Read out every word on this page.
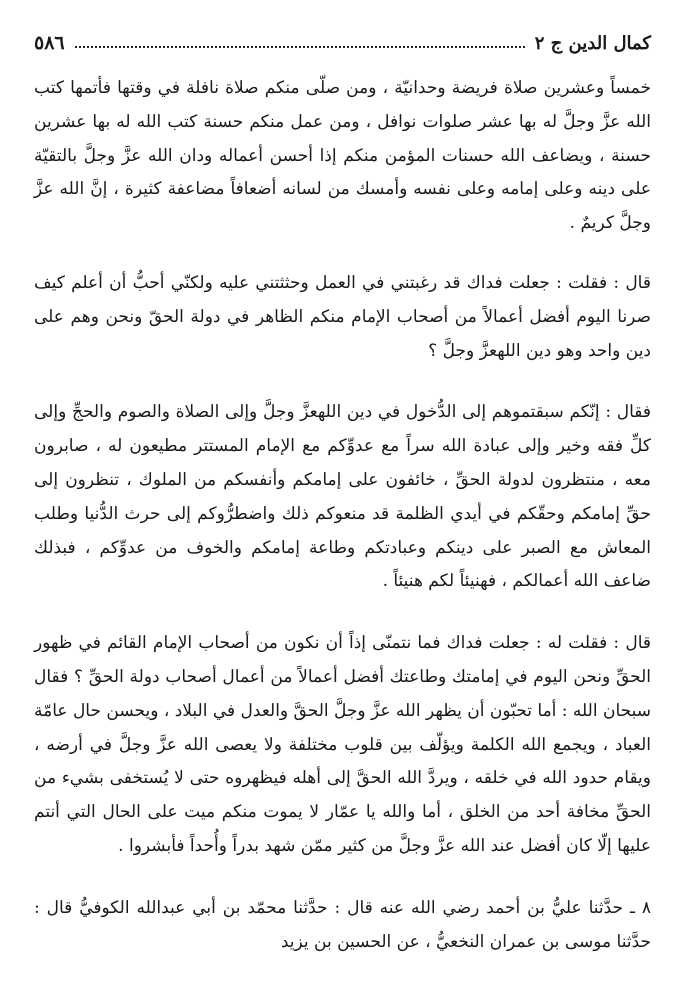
كمال الدين ج ٢
٥٨٦

خمساً وعشرين صلاة فريضة وحدانيّة ، ومن صلّى منكم صلاة نافلة في وقتها فأتمها كتب الله عزَّ وجلَّ له بها عشر صلوات نوافل ، ومن عمل منكم حسنة كتب الله له بها عشرين حسنة ، ويضاعف الله حسنات المؤمن منكم إذا أحسن أعماله ودان الله عزَّ وجلَّ بالتقيّة على دينه وعلى إمامه وعلى نفسه وأمسك من لسانه أضعافاً مضاعفة كثيرة ، إنَّ الله عزَّ وجلَّ كريمٌ .

قال : فقلت : جعلت فداك قد رغبتني في العمل وحثثتني عليه ولكنّي أحبُّ أن أعلم كيف صرنا اليوم أفضل أعمالاً من أصحاب الإمام منكم الظاهر في دولة الحقّ ونحن وهم على دين واحد وهو دين اللهعزَّ وجلَّ ؟

فقال : إنّكم سبقتموهم إلى الدُّخول في دين اللهعزَّ وجلَّ وإلى الصلاة والصوم والحجِّ وإلى كلِّ فقه وخير وإلى عبادة الله سراً مع عدوِّكم مع الإمام المستتر مطيعون له ، صابرون معه ، منتظرون لدولة الحقِّ ، خائفون على إمامكم وأنفسكم من الملوك ، تنظرون إلى حقِّ إمامكم وحقّكم في أيدي الظلمة قد منعوكم ذلك واضطرُّوكم إلى حرث الدُّنيا وطلب المعاش مع الصبر على دينكم وعبادتكم وطاعة إمامكم والخوف من عدوِّكم ، فبذلك ضاعف الله أعمالكم ، فهنيئاً لكم هنيئاً .

قال : فقلت له : جعلت فداك فما نتمنّى إذاً أن نكون من أصحاب الإمام القائم في ظهور الحقِّ ونحن اليوم في إمامتك وطاعتك أفضل أعمالاً من أعمال أصحاب دولة الحقِّ ؟ فقال سبحان الله : أما تحبّون أن يظهر الله عزَّ وجلَّ الحقَّ والعدل في البلاد ، ويحسن حال عامّة العباد ، ويجمع الله الكلمة ويؤلّف بين قلوب مختلفة ولا يعصى الله عزَّ وجلَّ في أرضه ، ويقام حدود الله في خلقه ، ويردَّ الله الحقَّ إلى أهله فيظهروه حتى لا يُستخفى بشيء من الحقِّ مخافة أحد من الخلق ، أما والله يا عمّار لا يموت منكم ميت على الحال التي أنتم عليها إلّا كان أفضل عند الله عزَّ وجلَّ من كثير ممّن شهد بدراً وأُحداً فأبشروا .

٨ ـ حدَّثنا عليُّ بن أحمد رضي الله عنه قال : حدَّثنا محمّد بن أبي عبدالله الكوفيُّ قال : حدَّثنا موسى بن عمران النخعيُّ ، عن الحسين بن يزيد
